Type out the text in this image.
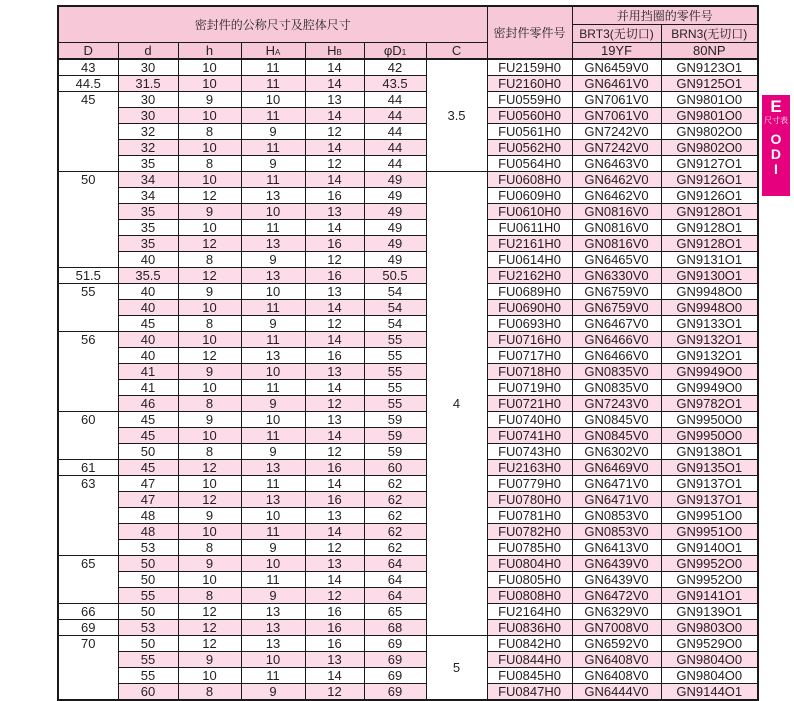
密封件的公称尺寸及腔体尺寸							密封件零件号	并用挡圈的零件号	
								BRT3(无切口)	BRN3(无切口)
D	d	h	HA	HB	φD1	C		19YF	80NP
43	30	10	11	14	42	3.5	FU2159H0	GN6459V0	GN9123O1
44.5	31.5	10	11	14	43.5		FU2160H0	GN6461V0	GN9125O1
45	30	9	10	13	44		FU0559H0	GN7061V0	GN9801O0
	30	10	11	14	44		FU0560H0	GN7061V0	GN9801O0
	32	8	9	12	44		FU0561H0	GN7242V0	GN9802O0
	32	10	11	14	44		FU0562H0	GN7242V0	GN9802O0
	35	8	9	12	44		FU0564H0	GN6463V0	GN9127O1
50	34	10	11	14	49	4	FU0608H0	GN6462V0	GN9126O1
	34	12	13	16	49		FU0609H0	GN6462V0	GN9126O1
	35	9	10	13	49		FU0610H0	GN0816V0	GN9128O1
	35	10	11	14	49		FU0611H0	GN0816V0	GN9128O1
	35	12	13	16	49		FU2161H0	GN0816V0	GN9128O1
	40	8	9	12	49		FU0614H0	GN6465V0	GN9131O1
51.5	35.5	12	13	16	50.5		FU2162H0	GN6330V0	GN9130O1
55	40	9	10	13	54		FU0689H0	GN6759V0	GN9948O0
	40	10	11	14	54		FU0690H0	GN6759V0	GN9948O0
	45	8	9	12	54		FU0693H0	GN6467V0	GN9133O1
56	40	10	11	14	55		FU0716H0	GN6466V0	GN9132O1
	40	12	13	16	55		FU0717H0	GN6466V0	GN9132O1
	41	9	10	13	55		FU0718H0	GN0835V0	GN9949O0
	41	10	11	14	55		FU0719H0	GN0835V0	GN9949O0
	46	8	9	12	55		FU0721H0	GN7243V0	GN9782O1
60	45	9	10	13	59		FU0740H0	GN0845V0	GN9950O0
	45	10	11	14	59		FU0741H0	GN0845V0	GN9950O0
	50	8	9	12	59		FU0743H0	GN6302V0	GN9138O1
61	45	12	13	16	60		FU2163H0	GN6469V0	GN9135O1
63	47	10	11	14	62		FU0779H0	GN6471V0	GN9137O1
	47	12	13	16	62		FU0780H0	GN6471V0	GN9137O1
	48	9	10	13	62		FU0781H0	GN0853V0	GN9951O0
	48	10	11	14	62		FU0782H0	GN0853V0	GN9951O0
	53	8	9	12	62		FU0785H0	GN6413V0	GN9140O1
65	50	9	10	13	64		FU0804H0	GN6439V0	GN9952O0
	50	10	11	14	64		FU0805H0	GN6439V0	GN9952O0
	55	8	9	12	64		FU0808H0	GN6472V0	GN9141O1
66	50	12	13	16	65		FU2164H0	GN6329V0	GN9139O1
69	53	12	13	16	68		FU0836H0	GN7008V0	GN9803O0
70	50	12	13	16	69	5	FU0842H0	GN6592V0	GN9529O0
	55	9	10	13	69		FU0844H0	GN6408V0	GN9804O0
	55	10	11	14	69		FU0845H0	GN6408V0	GN9804O0
	60	8	9	12	69		FU0847H0	GN6444V0	GN9144O1
E
尺寸表
O
D
I
